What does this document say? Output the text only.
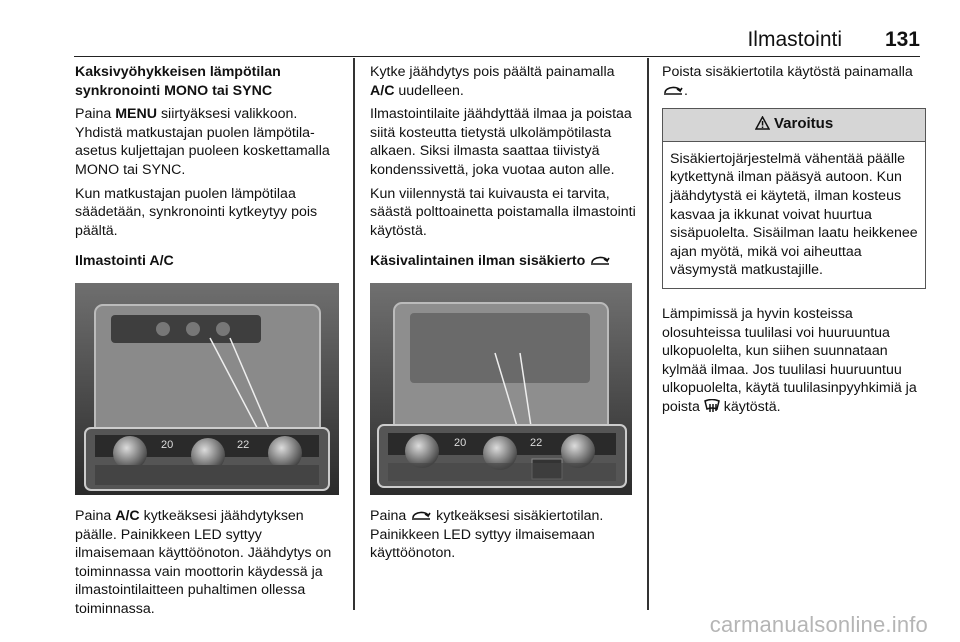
Ilmastointi 131

Kaksivyöhykkeisen lämpötilan
synkronointi MONO tai SYNC

Paina MENU siirtyäksesi valikkoon. Yhdistä matkustajan puolen lämpötila-asetus kuljettajan puoleen koskettamalla MONO tai SYNC.

Kun matkustajan puolen lämpötilaa säädetään, synkronointi kytkeytyy pois päältä.

Ilmastointi A/C

20	22

Paina A/C kytkeäksesi jäähdytyksen päälle. Painikkeen LED syttyy ilmaisemaan käyttöönoton. Jäähdytys on toiminnassa vain moottorin käydessä ja ilmastointilaitteen puhaltimen ollessa toiminnassa.

Kytke jäähdytys pois päältä painamalla A/C uudelleen.

Ilmastointilaite jäähdyttää ilmaa ja poistaa siitä kosteutta tietystä ulkolämpötilasta alkaen. Siksi ilmasta saattaa tiivistyä kondenssivettä, joka vuotaa auton alle.

Kun viilennystä tai kuivausta ei tarvita, säästä polttoainetta poistamalla ilmastointi käytöstä.

Käsivalintainen ilman sisäkierto

20	22

Paina  kytkeäksesi sisäkiertotilan. Painikkeen LED syttyy ilmaisemaan käyttöönoton.

Poista sisäkiertotila käytöstä painamalla .

Varoitus
Sisäkiertojärjestelmä vähentää päälle kytkettynä ilman pääsyä autoon. Kun jäähdytystä ei käytetä, ilman kosteus kasvaa ja ikkunat voivat huurtua sisäpuolelta. Sisäilman laatu heikkenee ajan myötä, mikä voi aiheuttaa väsymystä matkustajille.

Lämpimissä ja hyvin kosteissa olosuhteissa tuulilasi voi huuruuntua ulkopuolelta, kun siihen suunnataan kylmää ilmaa. Jos tuulilasi huuruuntuu ulkopuolelta, käytä tuulilasinpyyhkimiä ja poista  käytöstä.

carmanualsonline.info
